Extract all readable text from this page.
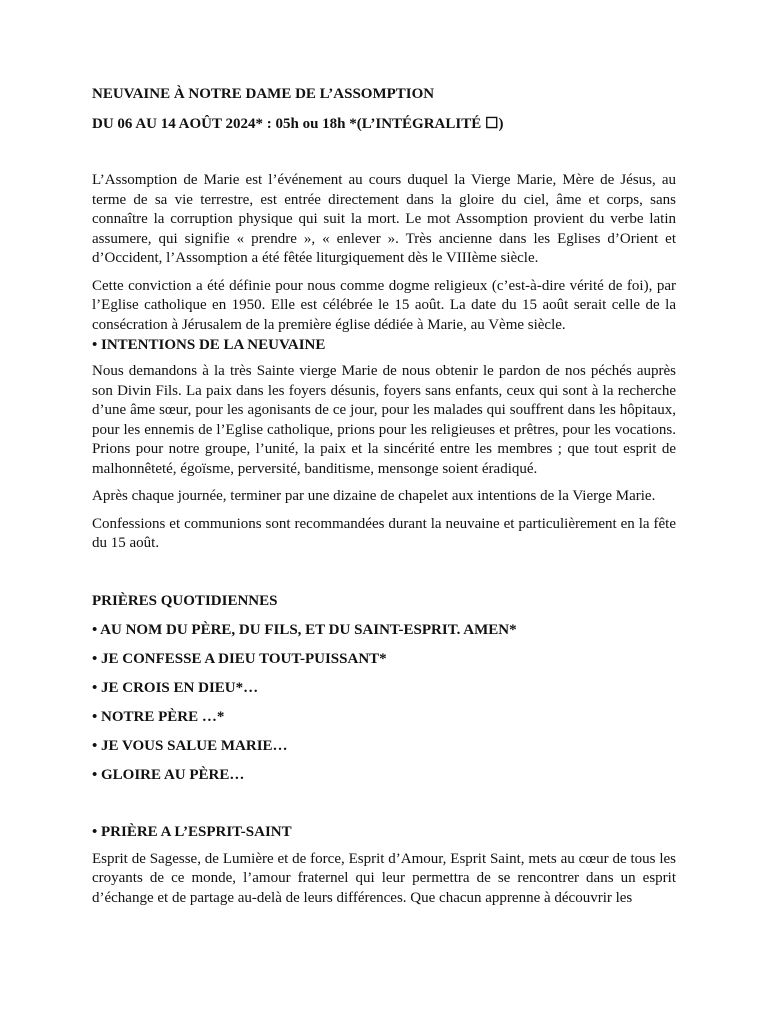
NEUVAINE À NOTRE DAME DE L’ASSOMPTION

DU 06 AU 14 AOÛT 2024* : 05h ou 18h *(L’INTÉGRALITÉ ☐)

L’Assomption de Marie est l’événement au cours duquel la Vierge Marie, Mère de Jésus, au terme de sa vie terrestre, est entrée directement dans la gloire du ciel, âme et corps, sans connaître la corruption physique qui suit la mort. Le mot Assomption provient du verbe latin assumere, qui signifie « prendre », « enlever ». Très ancienne dans les Eglises d’Orient et d’Occident, l’Assomption a été fêtée liturgiquement dès le VIIIème siècle.

Cette conviction a été définie pour nous comme dogme religieux (c’est-à-dire vérité de foi), par l’Eglise catholique en 1950. Elle est célébrée le 15 août. La date du 15 août serait celle de la consécration à Jérusalem de la première église dédiée à Marie, au Vème siècle.

• INTENTIONS DE LA NEUVAINE

Nous demandons à la très Sainte vierge Marie de nous obtenir le pardon de nos péchés auprès son Divin Fils. La paix dans les foyers désunis, foyers sans enfants, ceux qui sont à la recherche d’une âme sœur, pour les agonisants de ce jour, pour les malades qui souffrent dans les hôpitaux, pour les ennemis de l’Eglise catholique, prions pour les religieuses et prêtres, pour les vocations. Prions pour notre groupe, l’unité, la paix et la sincérité entre les membres ; que tout esprit de malhonnêteté, égoïsme, perversité, banditisme, mensonge soient éradiqué.

Après chaque journée, terminer par une dizaine de chapelet aux intentions de la Vierge Marie.

Confessions et communions sont recommandées durant la neuvaine et particulièrement en la fête du 15 août.

PRIÈRES QUOTIDIENNES

• AU NOM DU PÈRE, DU FILS, ET DU SAINT-ESPRIT. AMEN*

• JE CONFESSE A DIEU TOUT-PUISSANT*

• JE CROIS EN DIEU*…

• NOTRE PÈRE …*

• JE VOUS SALUE MARIE…

• GLOIRE AU PÈRE…

• PRIÈRE A L’ESPRIT-SAINT

Esprit de Sagesse, de Lumière et de force, Esprit d’Amour, Esprit Saint, mets au cœur de tous les croyants de ce monde, l’amour fraternel qui leur permettra de se rencontrer dans un esprit d’échange et de partage au-delà de leurs différences. Que chacun apprenne à découvrir les
